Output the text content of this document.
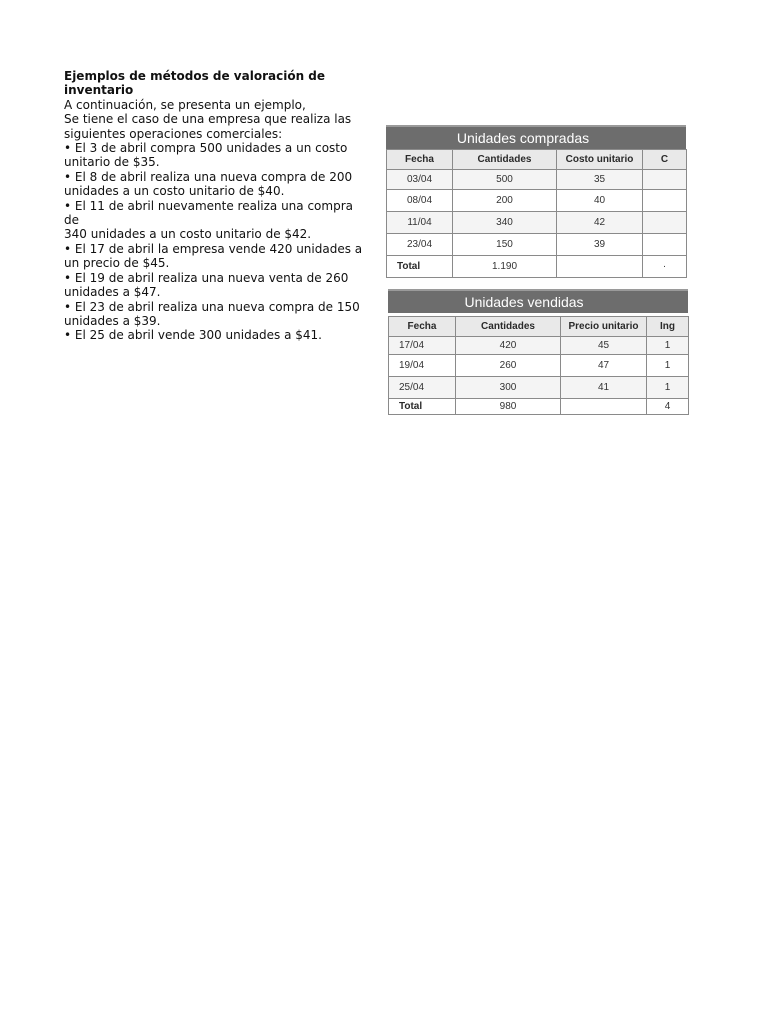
Ejemplos de métodos de valoración de
inventario

A continuación, se presenta un ejemplo,

Se tiene el caso de una empresa que realiza las

siguientes operaciones comerciales:

• El 3 de abril compra 500 unidades a un costo

unitario de $35.

• El 8 de abril realiza una nueva compra de 200

unidades a un costo unitario de $40.

• El 11 de abril nuevamente realiza una compra de

340 unidades a un costo unitario de $42.

• El 17 de abril la empresa vende 420 unidades a

un precio de $45.

• El 19 de abril realiza una nueva venta de 260

unidades a $47.

• El 23 de abril realiza una nueva compra de 150

unidades a $39.

• El 25 de abril vende 300 unidades a $41.

Unidades compradas
Fecha	Cantidades	Costo unitario	C
03/04	500	35	
08/04	200	40	
11/04	340	42	
23/04	150	39	
Total	1.190		·
Unidades vendidas
Fecha	Cantidades	Precio unitario	Ing
17/04	420	45	1
19/04	260	47	1
25/04	300	41	1
Total	980		4
